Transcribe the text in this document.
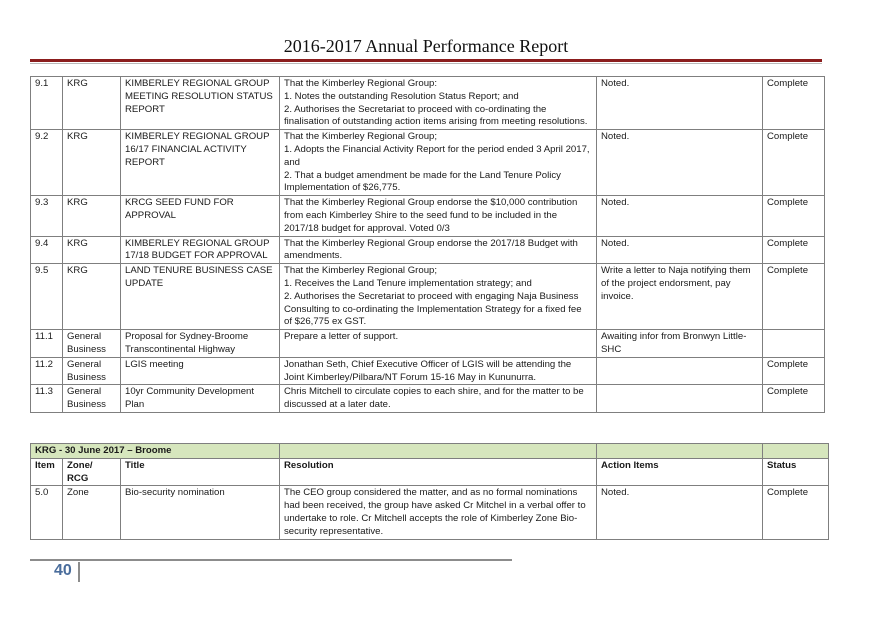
2016-2017 Annual Performance Report
9.1	KRG	KIMBERLEY REGIONAL GROUP MEETING RESOLUTION STATUS REPORT	That the Kimberley Regional Group:
1. Notes the outstanding Resolution Status Report; and
2. Authorises the Secretariat to proceed with co-ordinating the finalisation of outstanding action items arising from meeting resolutions.	Noted.	Complete
9.2	KRG	KIMBERLEY REGIONAL GROUP 16/17 FINANCIAL ACTIVITY REPORT	That the Kimberley Regional Group;
1. Adopts the Financial Activity Report for the period ended 3 April 2017, and
2. That a budget amendment be made for the Land Tenure Policy Implementation of $26,775.	Noted.	Complete
9.3	KRG	KRCG SEED FUND FOR APPROVAL	That the Kimberley Regional Group endorse the $10,000 contribution from each Kimberley Shire to the seed fund to be included in the 2017/18 budget for approval. Voted 0/3	Noted.	Complete
9.4	KRG	KIMBERLEY REGIONAL GROUP 17/18 BUDGET FOR APPROVAL	That the Kimberley Regional Group endorse the 2017/18 Budget with amendments.	Noted.	Complete
9.5	KRG	LAND TENURE BUSINESS CASE UPDATE	That the Kimberley Regional Group;
1. Receives the Land Tenure implementation strategy; and
2. Authorises the Secretariat to proceed with engaging Naja Business Consulting to co-ordinating the Implementation Strategy for a fixed fee of $26,775 ex GST.	Write a letter to Naja notifying them of the project endorsment, pay invoice.	Complete
11.1	General Business	Proposal for Sydney-Broome Transcontinental Highway	Prepare a letter of support.	Awaiting infor from Bronwyn Little-SHC	
11.2	General Business	LGIS meeting	Jonathan Seth, Chief Executive Officer of LGIS will be attending the Joint Kimberley/Pilbara/NT Forum 15-16 May in Kununurra.		Complete
11.3	General Business	10yr Community Development Plan	Chris Mitchell to circulate copies to each shire, and for the matter to be discussed at a later date.		Complete
KRG - 30 June 2017 – Broome					
Item	Zone/ RCG	Title	Resolution	Action Items	Status
5.0	Zone	Bio-security nomination	The CEO group considered the matter, and as no formal nominations had been received, the group have asked Cr Mitchel in a verbal offer to undertake to role. Cr Mitchell accepts the role of Kimberley Zone Bio-security representative.	Noted.	Complete
40
